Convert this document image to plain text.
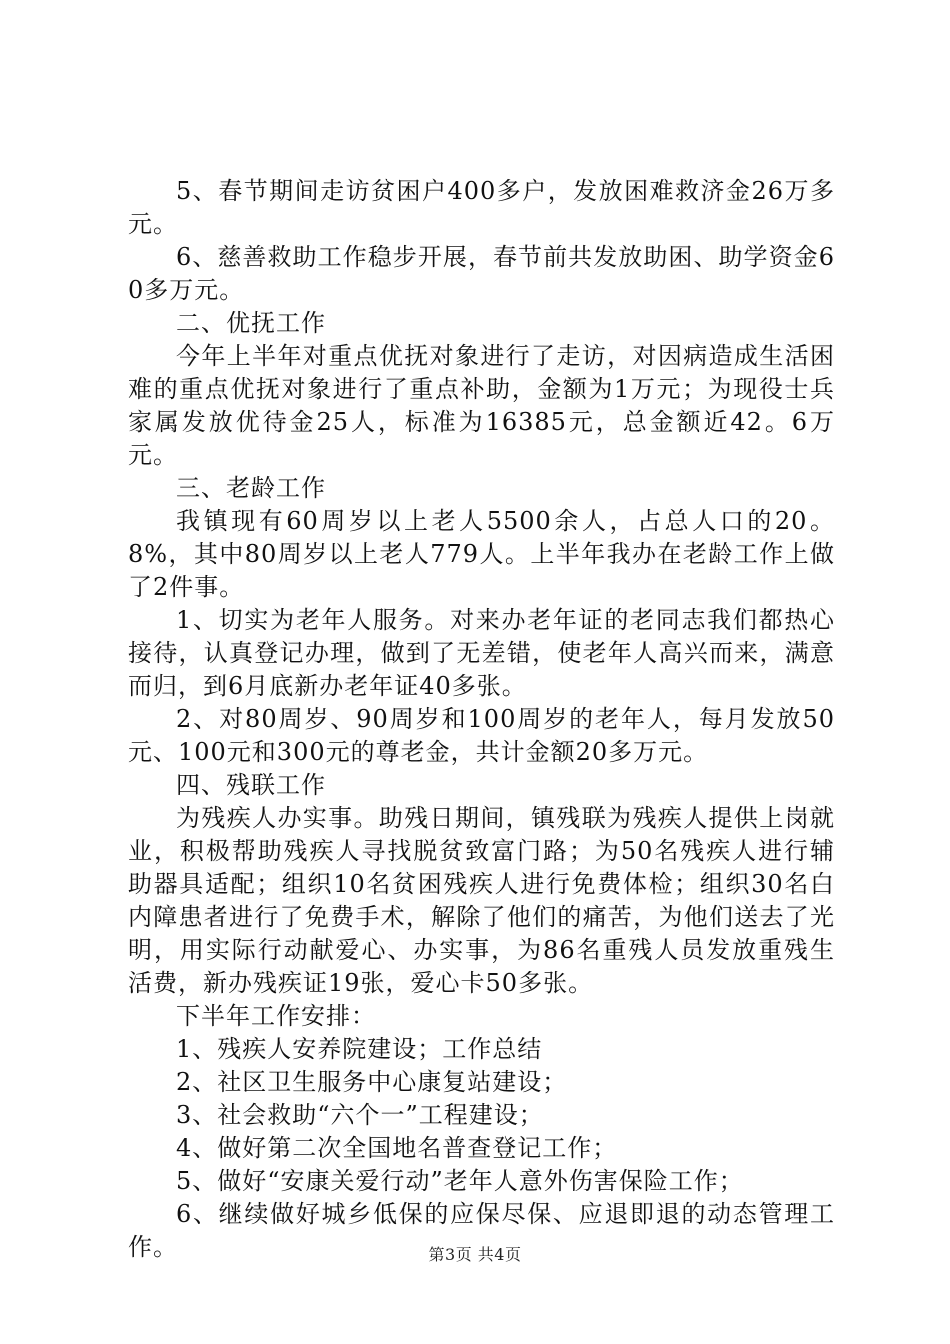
5、春节期间走访贫困户400多户，发放困难救济金26万多元。

6、慈善救助工作稳步开展，春节前共发放助困、助学资金60多万元。

二、优抚工作

今年上半年对重点优抚对象进行了走访，对因病造成生活困难的重点优抚对象进行了重点补助，金额为1万元；为现役士兵家属发放优待金25人，标准为16385元，总金额近42。6万元。

三、老龄工作

我镇现有60周岁以上老人5500余人，占总人口的20。8%，其中80周岁以上老人779人。上半年我办在老龄工作上做了2件事。

1、切实为老年人服务。对来办老年证的老同志我们都热心接待，认真登记办理，做到了无差错，使老年人高兴而来，满意而归，到6月底新办老年证40多张。

2、对80周岁、90周岁和100周岁的老年人，每月发放50元、100元和300元的尊老金，共计金额20多万元。

四、残联工作

为残疾人办实事。助残日期间，镇残联为残疾人提供上岗就业，积极帮助残疾人寻找脱贫致富门路；为50名残疾人进行辅助器具适配；组织10名贫困残疾人进行免费体检；组织30名白内障患者进行了免费手术，解除了他们的痛苦，为他们送去了光明，用实际行动献爱心、办实事，为86名重残人员发放重残生活费，新办残疾证19张，爱心卡50多张。

下半年工作安排：

1、残疾人安养院建设；工作总结

2、社区卫生服务中心康复站建设；

3、社会救助“六个一”工程建设；

4、做好第二次全国地名普查登记工作；

5、做好“安康关爱行动”老年人意外伤害保险工作；

6、继续做好城乡低保的应保尽保、应退即退的动态管理工作。	第3页 共4页
